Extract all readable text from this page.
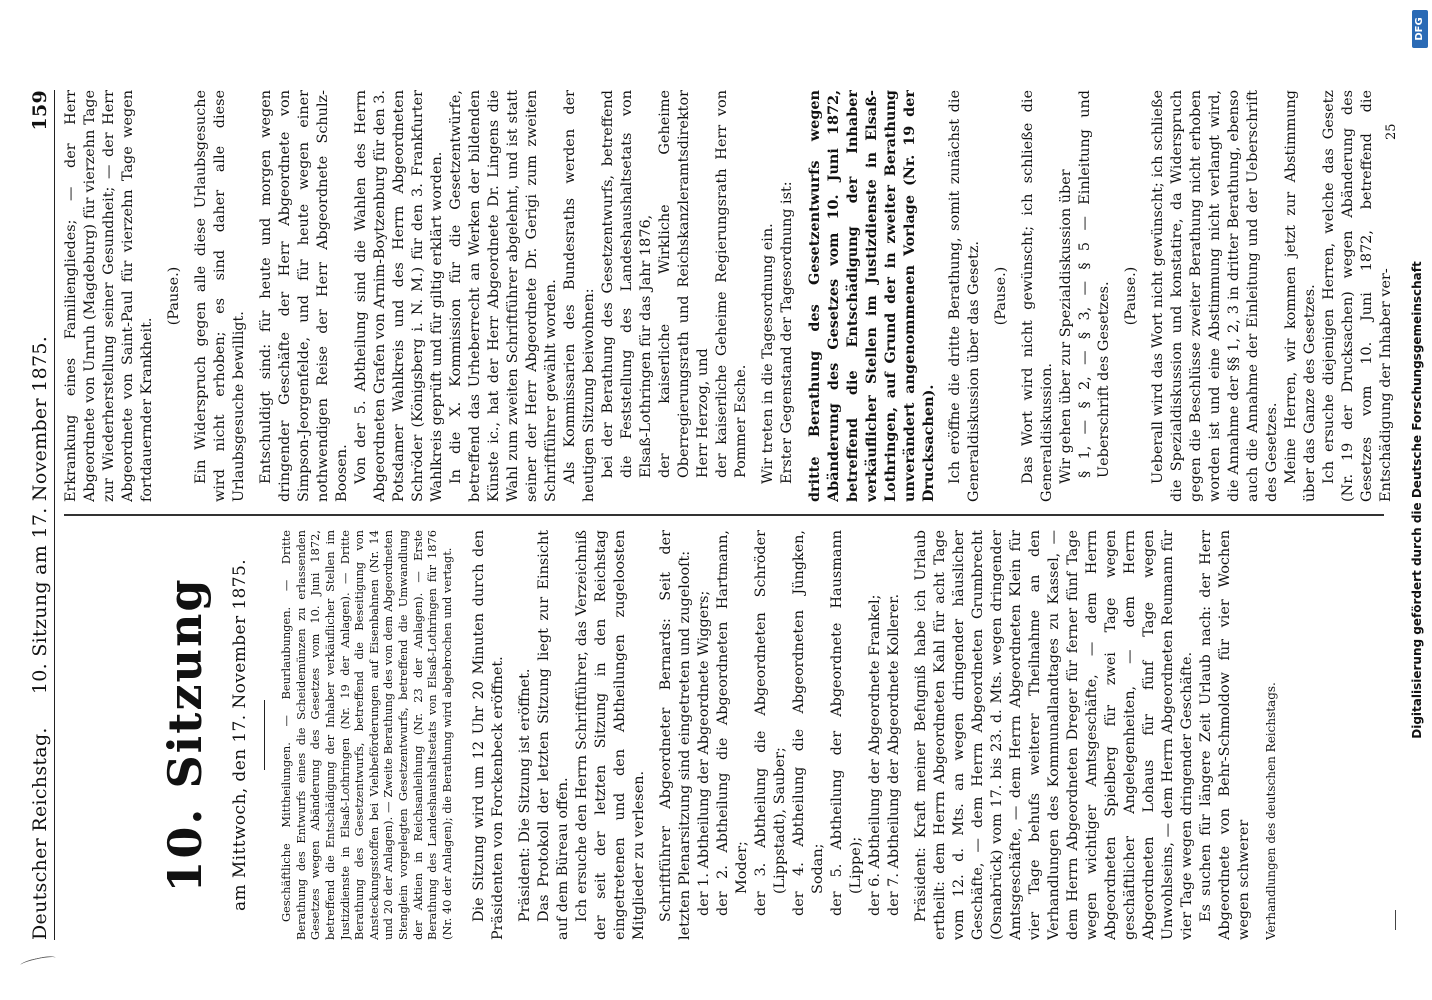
Deutscher Reichstag.
10. Sitzung am 17. November 1875.
159
10. Sitzung am Mittwoch, den 17. November 1875.	Geschäftliche Mittheilungen. — Beurlaubungen. — Dritte Berathung des Entwurfs eines die Scheidemünzen zu erlassenden Gesetzes wegen Abänderung des Gesetzes vom 10. Juni 1872, betreffend die Entschädigung der Inhaber verkäuflicher Stellen im Justizdienste in Elsaß-Lothringen (Nr. 19 der Anlagen). — Dritte Berathung des Gesetzentwurfs, betreffend die Beseitigung von Ansteckungsstoffen bei Viehbeförderungen auf Eisenbahnen (Nr. 14 und 20 der Anlagen). — Zweite Berathung des von dem Abgeordneten Stenglein vorgelegten Gesetzentwurfs, betreffend die Umwandlung der Aktien in Reichsanleihung (Nr. 23 der Anlagen). — Erste Berathung des Landeshaushaltsetats von Elsaß-Lothringen für 1876 (Nr. 40 der Anlagen); die Berathung wird abgebrochen und vertagt. Die Sitzung wird um 12 Uhr 20 Minuten durch den Präsidenten von Forckenbeck eröffnet. Präsident: Die Sitzung ist eröffnet. Das Protokoll der letzten Sitzung liegt zur Einsicht auf dem Büreau offen. Ich ersuche den Herrn Schriftführer, das Verzeichniß der seit der letzten Sitzung in den Reichstag eingetretenen und den Abtheilungen zugeloosten Mitglieder zu verlesen. Schriftführer Abgeordneter Bernards: Seit der letzten Plenarsitzung sind eingetreten und zugelooſt: der 1. Abtheilung der Abgeordnete Wiggers; der 2. Abtheilung die Abgeordneten Hartmann, Moder; der 3. Abtheilung die Abgeordneten Schröder (Lippstadt), Sauber; der 4. Abtheilung die Abgeordneten Jüngken, Sodan; der 5. Abtheilung der Abgeordnete Hausmann (Lippe); der 6. Abtheilung der Abgeordnete Frankel; der 7. Abtheilung der Abgeordnete Kollerer. Präsident: Kraft meiner Befugniß habe ich Urlaub ertheilt: dem Herrn Abgeordneten Kahl für acht Tage vom 12. d. Mts. an wegen dringender häuslicher Geschäfte, — dem Herrn Abgeordneten Grumbrecht (Osnabrück) vom 17. bis 23. d. Mts. wegen dringender Amtsgeschäfte, — dem Herrn Abgeordneten Klein für vier Tage behufs weiterer Theilnahme an den Verhandlungen des Kommunallandtages zu Kassel, — dem Herrn Abgeordneten Dreger für ferner fünf Tage wegen wichtiger Amtsgeschäfte, — dem Herrn Abgeordneten Spielberg für zwei Tage wegen geschäftlicher Angelegenheiten, — dem Herrn Abgeordneten Lohaus für fünf Tage wegen Unwohlseins, — dem Herrn Abgeordneten Reumann für vier Tage wegen dringender Geschäfte. Es suchen für längere Zeit Urlaub nach: der Herr Abgeordnete von Behr-Schmoldow für vier Wochen wegen schwerer Verhandlungen des deutschen Reichstags.

Erkrankung eines Familiengliedes; — der Herr Abgeordnete von Unruh (Magdeburg) für vierzehn Tage zur Wiederherstellung seiner Gesundheit; — der Herr Abgeordnete von Saint-Paul für vierzehn Tage wegen fortdauernder Krankheit.

(Pause.) Ein Widerspruch gegen alle diese Urlaubsgesuche wird nicht erhoben; es sind daher alle diese Urlaubsgesuche bewilligt. Entschuldigt sind: für heute und morgen wegen dringender Geschäfte der Herr Abgeordnete von Simpson-Jeorgenfelde, und für heute wegen einer nothwendigen Reise der Herr Abgeordnete Schulz-Boosen. Von der 5. Abtheilung sind die Wahlen des Herrn Abgeordneten Grafen von Arnim-Boytzenburg für den 3. Potsdamer Wahlkreis und des Herrn Abgeordneten Schröder (Königsberg i. N. M.) für den 3. Frankfurter Wahlkreis geprüft und für giltig erklärt worden. In die X. Kommission für die Gesetzentwürfe, betreffend das Urheberrecht an Werken der bildenden Künste ic., hat der Herr Abgeordnete Dr. Lingens die Wahl zum zweiten Schriftführer abgelehnt, und ist statt seiner der Herr Abgeordnete Dr. Gerigi zum zweiten Schriftführer gewählt worden. Als Kommissarien des Bundesraths werden der heutigen Sitzung beiwohnen: bei der Berathung des Gesetzentwurfs, betreffend die Feststellung des Landeshaushaltsetats von Elsaß-Lothringen für das Jahr 1876, der kaiserliche Wirkliche Geheime Oberregierungsrath und Reichskanzleramtsdirektor Herr Herzog, und der kaiserliche Geheime Regierungsrath Herr von Pommer Esche. Wir treten in die Tagesordnung ein. Erster Gegenstand der Tagesordnung ist: dritte Berathung des Gesetzentwurfs wegen Abänderung des Gesetzes vom 10. Juni 1872, betreffend die Entschädigung der Inhaber verkäuflicher Stellen im Justizdienste in Elsaß-Lothringen, auf Grund der in zweiter Berathung unverändert angenommenen Vorlage (Nr. 19 der Drucksachen). Ich eröffne die dritte Berathung, somit zunächst die Generaldiskussion über das Gesetz. (Pause.) Das Wort wird nicht gewünscht; ich schließe die Generaldiskussion. Wir gehen über zur Spezialdiskussion über § 1, — § 2, — § 3, — § 5 — Einleitung und Ueberschrift des Gesetzes. (Pause.) Ueberall wird das Wort nicht gewünscht; ich schließe die Spezialdiskussion und konstatire, da Widerspruch gegen die Beschlüsse zweiter Berathung nicht erhoben worden ist und eine Abstimmung nicht verlangt wird, die Annahme der §§ 1, 2, 3 in dritter Berathung, ebenso auch die Annahme der Einleitung und der Ueberschrift des Gesetzes. Meine Herren, wir kommen jetzt zur Abstimmung über das Ganze des Gesetzes. Ich ersuche diejenigen Herren, welche das Gesetz (Nr. 19 der Drucksachen) wegen Abänderung des Gesetzes vom 10. Juni 1872, betreffend die Entschädigung der Inhaber ver-

25
DFG
Digitalisierung gefördert durch die Deutsche Forschungsgemeinschaft
